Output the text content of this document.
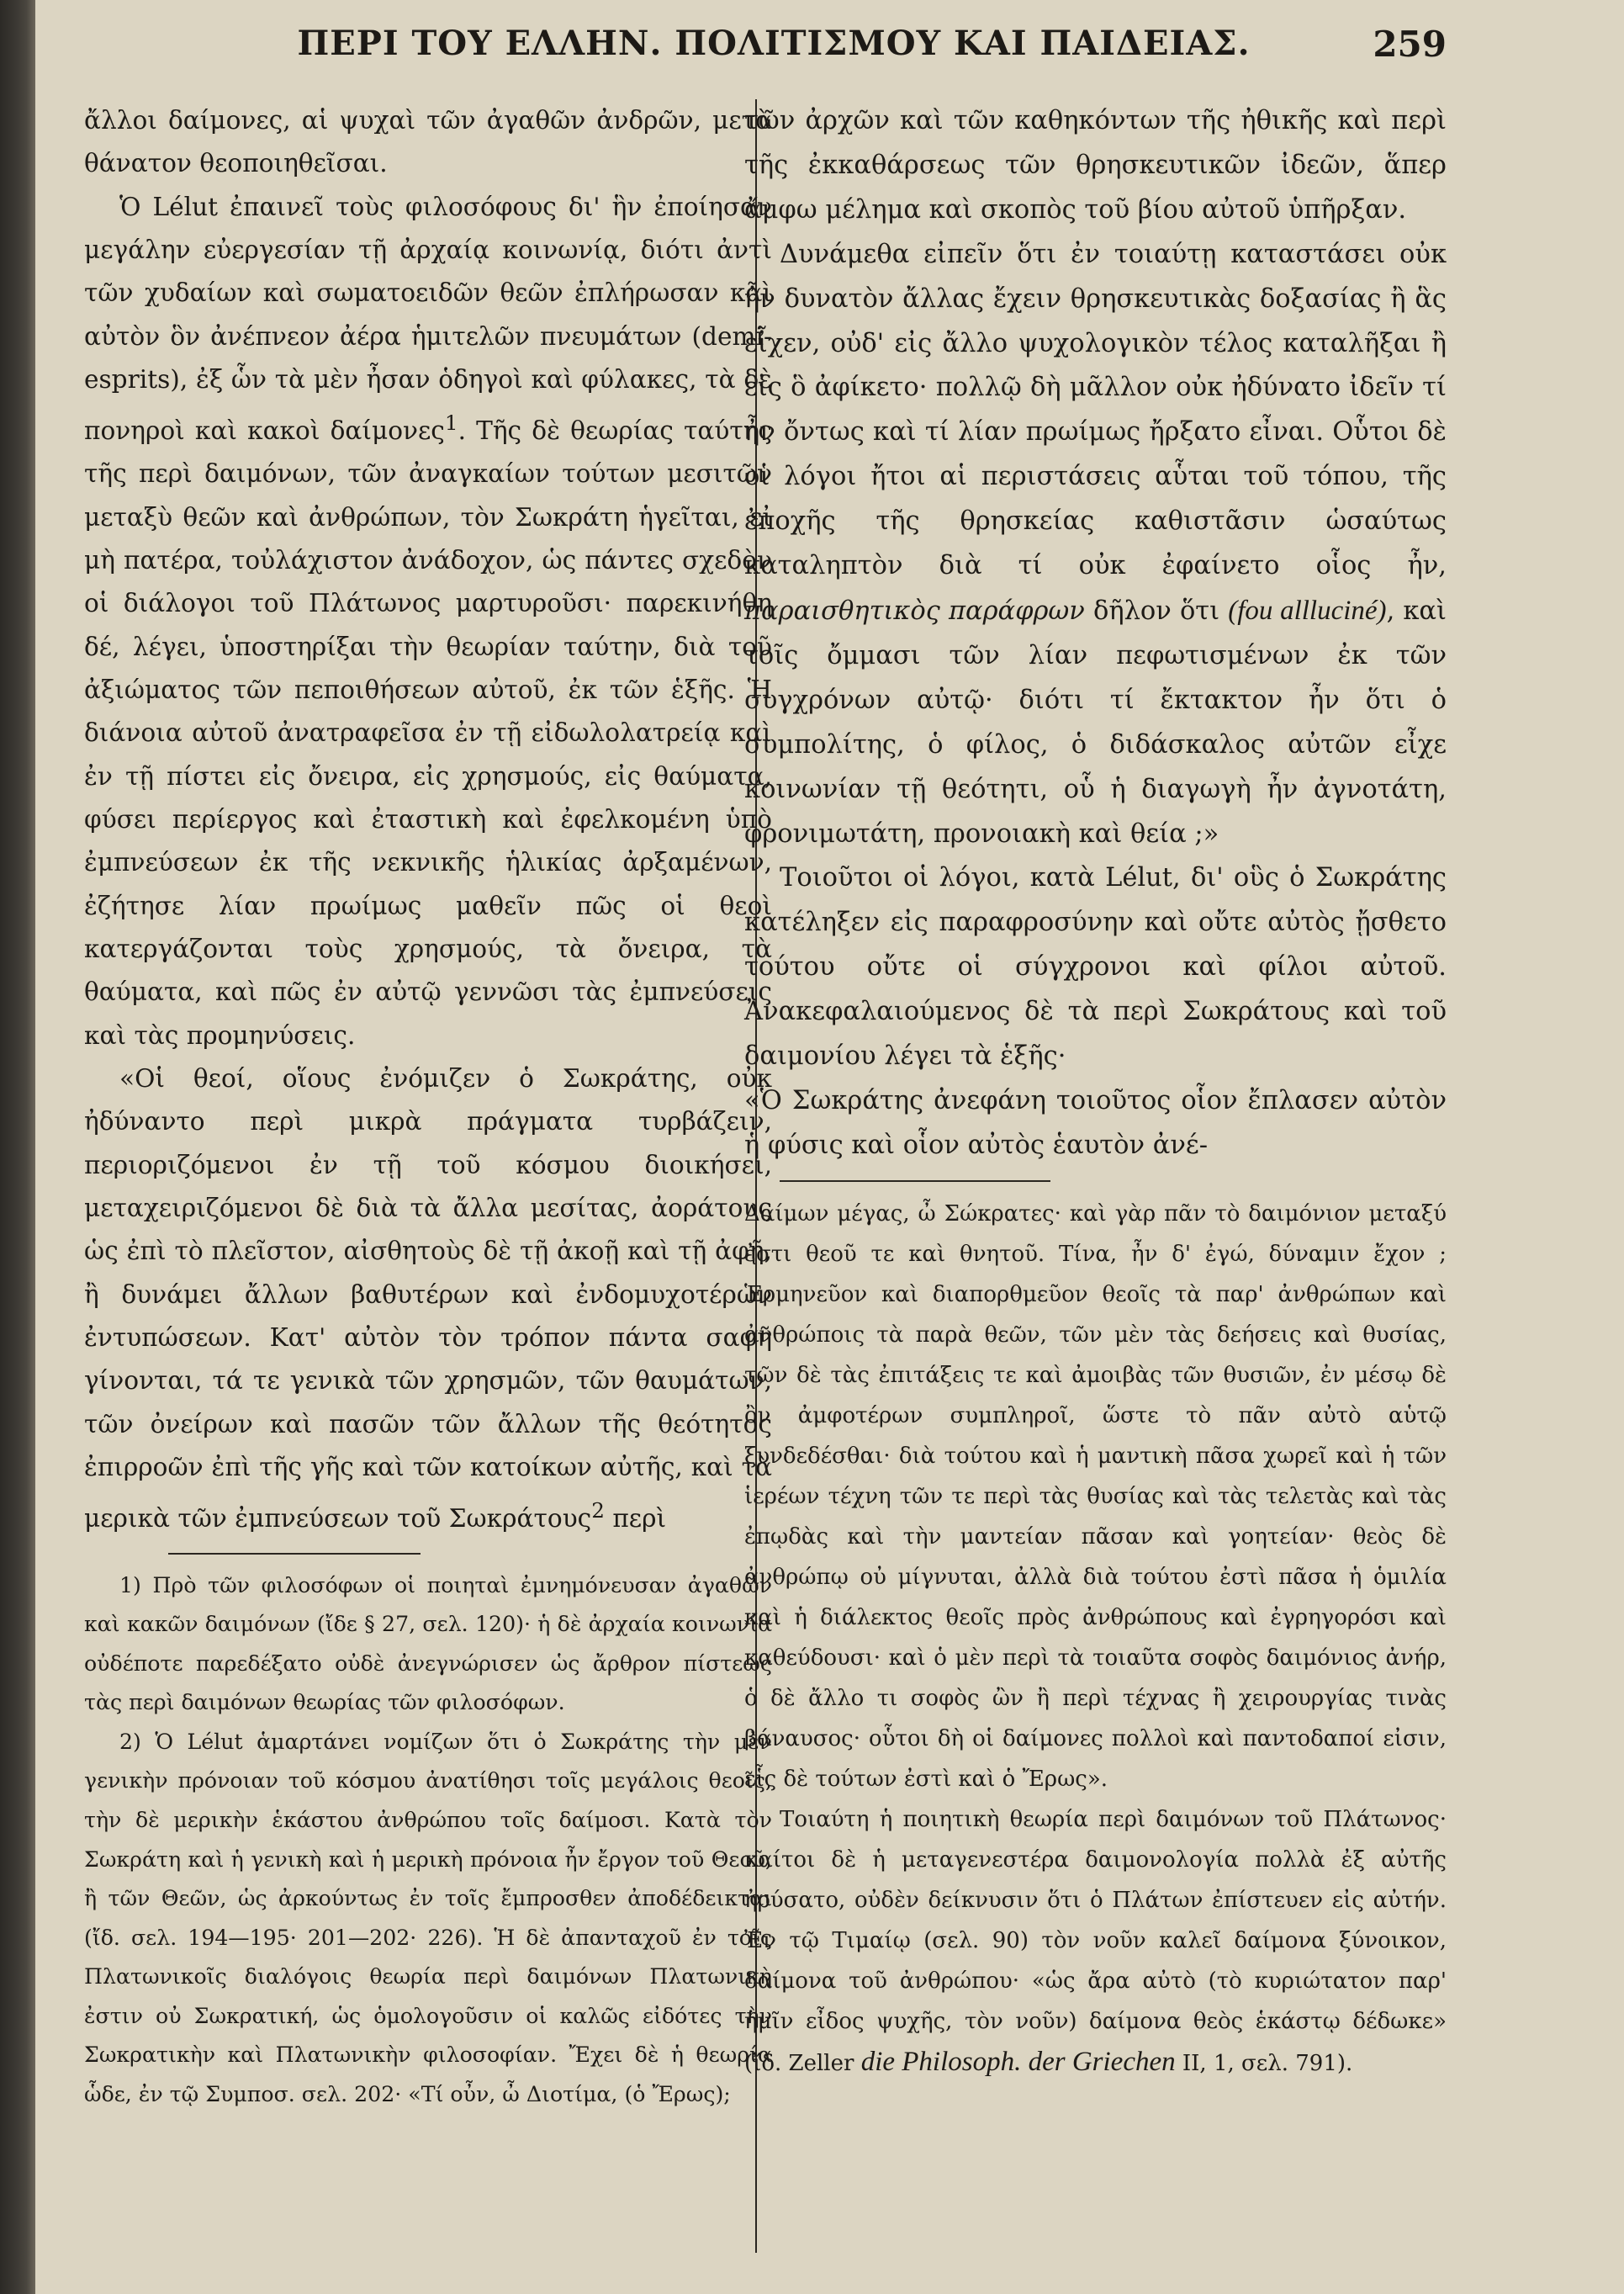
ΠΕΡΙ ΤΟΥ ΕΛΛΗΝ. ΠΟΛΙΤΙΣΜΟΥ ΚΑΙ ΠΑΙΔΕΙΑΣ.	259

ἄλλοι δαίμονες, αἱ ψυχαὶ τῶν ἀγαθῶν ἀνδρῶν, μετὰ θάνατον θεοποιηθεῖσαι.

Ὁ Lélut ἐπαινεῖ τοὺς φιλοσόφους δι' ἣν ἐποίησαν μεγάλην εὐεργεσίαν τῇ ἀρχαίᾳ κοινωνίᾳ, διότι ἀντὶ τῶν χυδαίων καὶ σωματοειδῶν θεῶν ἐπλήρωσαν καὶ αὐτὸν ὃν ἀνέπνεον ἀέρα ἡμιτελῶν πνευμάτων (demi-esprits), ἐξ ὧν τὰ μὲν ἦσαν ὁδηγοὶ καὶ φύλακες, τὰ δὲ πονηροὶ καὶ κακοὶ δαίμονες$^1$. Τῆς δὲ θεωρίας ταύτης τῆς περὶ δαιμόνων, τῶν ἀναγκαίων τούτων μεσιτῶν μεταξὺ θεῶν καὶ ἀνθρώπων, τὸν Σωκράτη ἡγεῖται, εἰ μὴ πατέρα, τοὐλάχιστον ἀνάδοχον, ὡς πάντες σχεδὸν οἱ διάλογοι τοῦ Πλάτωνος μαρτυροῦσι· παρεκινήθη δέ, λέγει, ὑποστηρίξαι τὴν θεωρίαν ταύτην, διὰ τοῦ ἀξιώματος τῶν πεποιθήσεων αὐτοῦ, ἐκ τῶν ἑξῆς. Ἡ διάνοια αὐτοῦ ἀνατραφεῖσα ἐν τῇ εἰδωλολατρείᾳ καὶ ἐν τῇ πίστει εἰς ὄνειρα, εἰς χρησμούς, εἰς θαύματα, φύσει περίεργος καὶ ἐταστικὴ καὶ ἐφελκομένη ὑπὸ ἐμπνεύσεων ἐκ τῆς νεκνικῆς ἡλικίας ἀρξαμένων, ἐζήτησε λίαν πρωίμως μαθεῖν πῶς οἱ θεοὶ κατεργάζονται τοὺς χρησμούς, τὰ ὄνειρα, τὰ θαύματα, καὶ πῶς ἐν αὐτῷ γεννῶσι τὰς ἐμπνεύσεις καὶ τὰς προμηνύσεις.

«Οἱ θεοί, οἵους ἐνόμιζεν ὁ Σωκράτης, οὐκ ἠδύναντο περὶ μικρὰ πράγματα τυρβάζειν, περιοριζόμενοι ἐν τῇ τοῦ κόσμου διοικήσει, μεταχειριζόμενοι δὲ διὰ τὰ ἄλλα μεσίτας, ἀοράτους ὡς ἐπὶ τὸ πλεῖστον, αἰσθητοὺς δὲ τῇ ἀκοῇ καὶ τῇ ἀφῇ, ἢ δυνάμει ἄλλων βαθυτέρων καὶ ἐνδομυχοτέρων ἐντυπώσεων. Κατ' αὐτὸν τὸν τρόπον πάντα σαφῆ γίνονται, τά τε γενικὰ τῶν χρησμῶν, τῶν θαυμάτων, τῶν ὀνείρων καὶ πασῶν τῶν ἄλλων τῆς θεότητος ἐπιρροῶν ἐπὶ τῆς γῆς καὶ τῶν κατοίκων αὐτῆς, καὶ τὰ μερικὰ τῶν ἐμπνεύσεων τοῦ Σωκράτους$^2$ περὶ

1) Πρὸ τῶν φιλοσόφων οἱ ποιηταὶ ἐμνημόνευσαν ἀγαθῶν καὶ κακῶν δαιμόνων (ἴδε § 27, σελ. 120)· ἡ δὲ ἀρχαία κοινωνία οὐδέποτε παρεδέξατο οὐδὲ ἀνεγνώρισεν ὡς ἄρθρον πίστεως τὰς περὶ δαιμόνων θεωρίας τῶν φιλοσόφων.

2) Ὁ Lélut ἁμαρτάνει νομίζων ὅτι ὁ Σωκράτης τὴν μὲν γενικὴν πρόνοιαν τοῦ κόσμου ἀνατίθησι τοῖς μεγάλοις θεοῖς, τὴν δὲ μερικὴν ἑκάστου ἀνθρώπου τοῖς δαίμοσι. Κατὰ τὸν Σωκράτη καὶ ἡ γενικὴ καὶ ἡ μερικὴ πρόνοια ἦν ἔργον τοῦ Θεοῦ, ἢ τῶν Θεῶν, ὡς ἀρκούντως ἐν τοῖς ἔμπροσθεν ἀποδέδεικται (ἴδ. σελ. 194—195· 201—202· 226). Ἡ δὲ ἀπανταχοῦ ἐν τοῖς Πλατωνικοῖς διαλόγοις θεωρία περὶ δαιμόνων Πλατωνικὴ ἐστιν οὐ Σωκρατική, ὡς ὁμολογοῦσιν οἱ καλῶς εἰδότες τὴν Σωκρατικὴν καὶ Πλατωνικὴν φιλοσοφίαν. Ἔχει δὲ ἡ θεωρία ὧδε, ἐν τῷ Συμποσ. σελ. 202· «Τί οὖν, ὦ Διοτίμα, (ὁ Ἔρως);

τῶν ἀρχῶν καὶ τῶν καθηκόντων τῆς ἠθικῆς καὶ περὶ τῆς ἐκκαθάρσεως τῶν θρησκευτικῶν ἰδεῶν, ἅπερ ἄμφω μέλημα καὶ σκοπὸς τοῦ βίου αὐτοῦ ὑπῆρξαν.

Δυνάμεθα εἰπεῖν ὅτι ἐν τοιαύτῃ καταστάσει οὐκ ἦν δυνατὸν ἄλλας ἔχειν θρησκευτικὰς δοξασίας ἢ ἃς εἶχεν, οὐδ' εἰς ἄλλο ψυχολογικὸν τέλος καταλῆξαι ἢ εἰς ὃ ἀφίκετο· πολλῷ δὴ μᾶλλον οὐκ ἠδύνατο ἰδεῖν τί ἦν ὄντως καὶ τί λίαν πρωίμως ἤρξατο εἶναι. Οὗτοι δὲ οἱ λόγοι ἤτοι αἱ περιστάσεις αὗται τοῦ τόπου, τῆς ἐποχῆς τῆς θρησκείας καθιστᾶσιν ὡσαύτως καταληπτὸν διὰ τί οὐκ ἐφαίνετο οἷος ἦν, παραισθητικὸς παράφρων δῆλον ὅτι (fou allluciné), καὶ τοῖς ὄμμασι τῶν λίαν πεφωτισμένων ἐκ τῶν συγχρόνων αὐτῷ· διότι τί ἔκτακτον ἦν ὅτι ὁ συμπολίτης, ὁ φίλος, ὁ διδάσκαλος αὐτῶν εἶχε κοινωνίαν τῇ θεότητι, οὗ ἡ διαγωγὴ ἦν ἀγνοτάτη, φρονιμωτάτη, προνοιακὴ καὶ θεία ;»

Τοιοῦτοι οἱ λόγοι, κατὰ Lélut, δι' οὓς ὁ Σωκράτης κατέληξεν εἰς παραφροσύνην καὶ οὔτε αὐτὸς ᾔσθετο τούτου οὔτε οἱ σύγχρονοι καὶ φίλοι αὐτοῦ. Ἀνακεφαλαιούμενος δὲ τὰ περὶ Σωκράτους καὶ τοῦ δαιμονίου λέγει τὰ ἑξῆς·

«Ὁ Σωκράτης ἀνεφάνη τοιοῦτος οἷον ἔπλασεν αὐτὸν ἡ φύσις καὶ οἷον αὐτὸς ἑαυτὸν ἀνέ-

Δαίμων μέγας, ὦ Σώκρατες· καὶ γὰρ πᾶν τὸ δαιμόνιον μεταξύ ἐστι θεοῦ τε καὶ θνητοῦ. Τίνα, ἦν δ' ἐγώ, δύναμιν ἔχον ; Ἑρμηνεῦον καὶ διαπορθμεῦον θεοῖς τὰ παρ' ἀνθρώπων καὶ ἀνθρώποις τὰ παρὰ θεῶν, τῶν μὲν τὰς δεήσεις καὶ θυσίας, τῶν δὲ τὰς ἐπιτάξεις τε καὶ ἀμοιβὰς τῶν θυσιῶν, ἐν μέσῳ δὲ ὂν ἀμφοτέρων συμπληροῖ, ὥστε τὸ πᾶν αὐτὸ αὑτῷ ξυνδεδέσθαι· διὰ τούτου καὶ ἡ μαντικὴ πᾶσα χωρεῖ καὶ ἡ τῶν ἱερέων τέχνη τῶν τε περὶ τὰς θυσίας καὶ τὰς τελετὰς καὶ τὰς ἐπῳδὰς καὶ τὴν μαντείαν πᾶσαν καὶ γοητείαν· θεὸς δὲ ἀνθρώπῳ οὐ μίγνυται, ἀλλὰ διὰ τούτου ἐστὶ πᾶσα ἡ ὁμιλία καὶ ἡ διάλεκτος θεοῖς πρὸς ἀνθρώπους καὶ ἐγρηγορόσι καὶ καθεύδουσι· καὶ ὁ μὲν περὶ τὰ τοιαῦτα σοφὸς δαιμόνιος ἀνήρ, ὁ δὲ ἄλλο τι σοφὸς ὢν ἢ περὶ τέχνας ἢ χειρουργίας τινὰς βάναυσος· οὗτοι δὴ οἱ δαίμονες πολλοὶ καὶ παντοδαποί εἰσιν, εἷς δὲ τούτων ἐστὶ καὶ ὁ Ἔρως».

Τοιαύτη ἡ ποιητικὴ θεωρία περὶ δαιμόνων τοῦ Πλάτωνος· καίτοι δὲ ἡ μεταγενεστέρα δαιμονολογία πολλὰ ἐξ αὐτῆς ἠρύσατο, οὐδὲν δείκνυσιν ὅτι ὁ Πλάτων ἐπίστευεν εἰς αὐτήν. Ἐν τῷ Τιμαίῳ (σελ. 90) τὸν νοῦν καλεῖ δαίμονα ξύνοικον, δαίμονα τοῦ ἀνθρώπου· «ὡς ἄρα αὐτὸ (τὸ κυριώτατον παρ' ἡμῖν εἶδος ψυχῆς, τὸν νοῦν) δαίμονα θεὸς ἑκάστῳ δέδωκε» (ἴδ. Zeller die Philosoph. der Griechen II, 1, σελ. 791).
